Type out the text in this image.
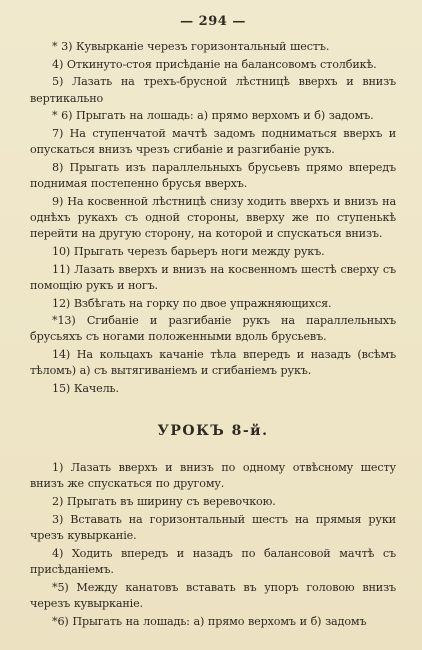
— 294 —

* 3) Кувырканіе черезъ горизонтальный шестъ.

4) Откинуто-стоя присѣданіе на балансовомъ столбикѣ.

5) Лазать на трехъ-брусной лѣстницѣ вверхъ и внизъ вертикально

* 6) Прыгать на лошадь: а) прямо верхомъ и б) задомъ.

7) На ступенчатой мачтѣ задомъ подниматься вверхъ и опускаться внизъ чрезъ сгибаніе и разгибаніе рукъ.

8) Прыгать изъ параллельныхъ брусьевъ прямо впередъ поднимая постепенно брусья вверхъ.

9) На косвенной лѣстницѣ снизу ходить вверхъ и внизъ на однѣхъ рукахъ съ одной стороны, вверху же по ступенькѣ перейти на другую сторону, на которой и спускаться внизъ.

10) Прыгать черезъ барьеръ ноги между рукъ.

11) Лазать вверхъ и внизъ на косвенномъ шестѣ сверху съ помощію рукъ и ногъ.

12) Взбѣгать на горку по двое упражняющихся.

*13) Сгибаніе и разгибаніе рукъ на параллельныхъ брусьяхъ съ ногами положенными вдоль брусьевъ.

14) На кольцахъ качаніе тѣла впередъ и назадъ (всѣмъ тѣломъ) а) съ вытягиваніемъ и сгибаніемъ рукъ.

15) Качель.

УРОКЪ 8-й.

1) Лазать вверхъ и внизъ по одному отвѣсному шесту внизъ же спускаться по другому.

2) Прыгать въ ширину съ веревочкою.

3) Вставать на горизонтальный шестъ на прямыя руки чрезъ кувырканіе.

4) Ходить впередъ и назадъ по балансовой мачтѣ съ присѣданіемъ.

*5) Между канатовъ вставать въ упоръ головою внизъ черезъ кувырканіе.

*6) Прыгать на лошадь: а) прямо верхомъ и б) задомъ
